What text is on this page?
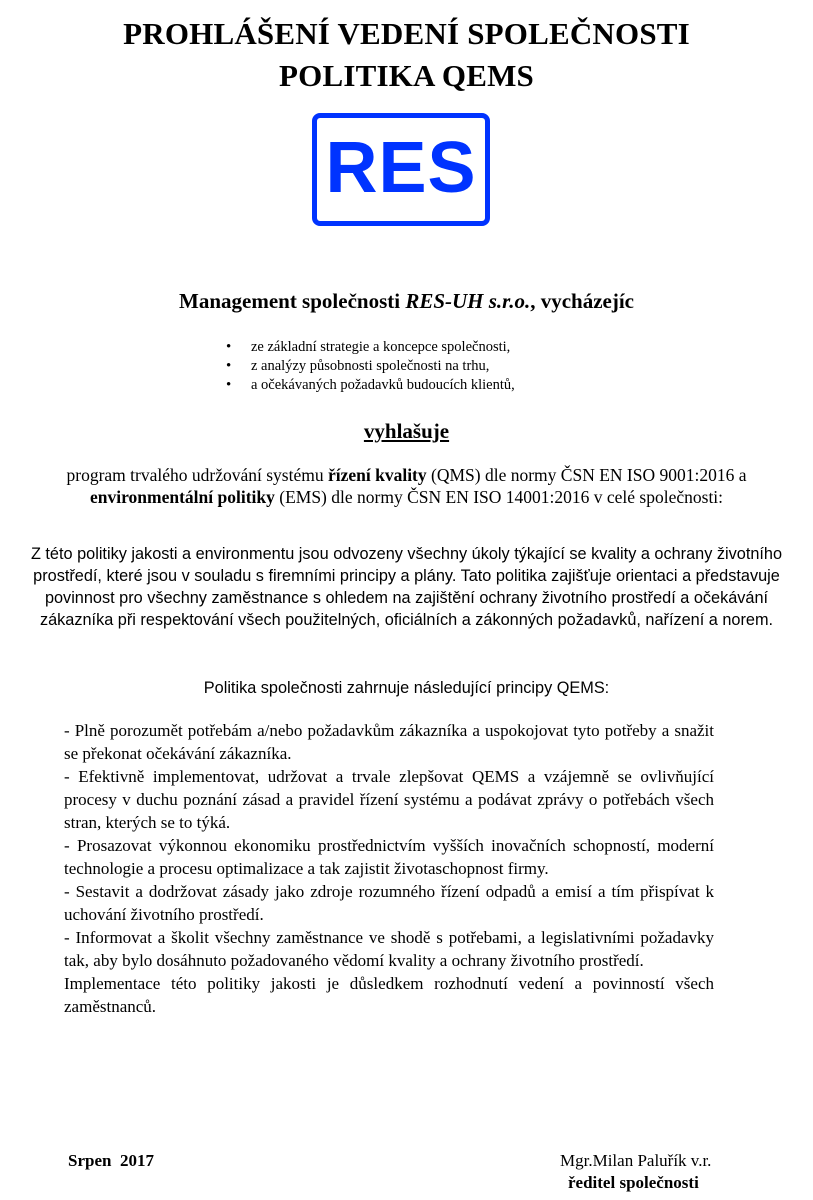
PROHLÁŠENÍ VEDENÍ SPOLEČNOSTI
POLITIKA QEMS
RES
Management společnosti RES-UH s.r.o., vycházejíc
• ze základní strategie a koncepce společnosti,
• z analýzy působnosti společnosti na trhu,
• a očekávaných požadavků budoucích klientů,
vyhlašuje
program trvalého udržování systému řízení kvality (QMS) dle normy ČSN EN ISO 9001:2016 a environmentální politiky (EMS) dle normy ČSN EN ISO 14001:2016 v celé společnosti:
Z této politiky jakosti a environmentu jsou odvozeny všechny úkoly týkající se kvality a ochrany životního prostředí, které jsou v souladu s firemními principy a plány. Tato politika zajišťuje orientaci a představuje povinnost pro všechny zaměstnance s ohledem na zajištění ochrany životního prostředí a očekávání zákazníka při respektování všech použitelných, oficiálních a zákonných požadavků, nařízení a norem.
Politika společnosti zahrnuje následující principy QEMS:

- Plně porozumět potřebám a/nebo požadavkům zákazníka a uspokojovat tyto potřeby a snažit se překonat očekávání zákazníka.

- Efektivně implementovat, udržovat a trvale zlepšovat QEMS a vzájemně se ovlivňující procesy v duchu poznání zásad a pravidel řízení systému a podávat zprávy o potřebách všech stran, kterých se to týká.

- Prosazovat výkonnou ekonomiku prostřednictvím vyšších inovačních schopností, moderní technologie a procesu optimalizace a tak zajistit životaschopnost firmy.

- Sestavit a dodržovat zásady jako zdroje rozumného řízení odpadů a emisí a tím přispívat k uchování životního prostředí.

- Informovat a školit všechny zaměstnance ve shodě s potřebami, a legislativními požadavky tak, aby bylo dosáhnuto požadovaného vědomí kvality a ochrany životního prostředí.

Implementace této politiky jakosti je důsledkem rozhodnutí vedení a povinností všech zaměstnanců.

Srpen  2017	Mgr.Milan Paluřík v.r.
ředitel společnosti
